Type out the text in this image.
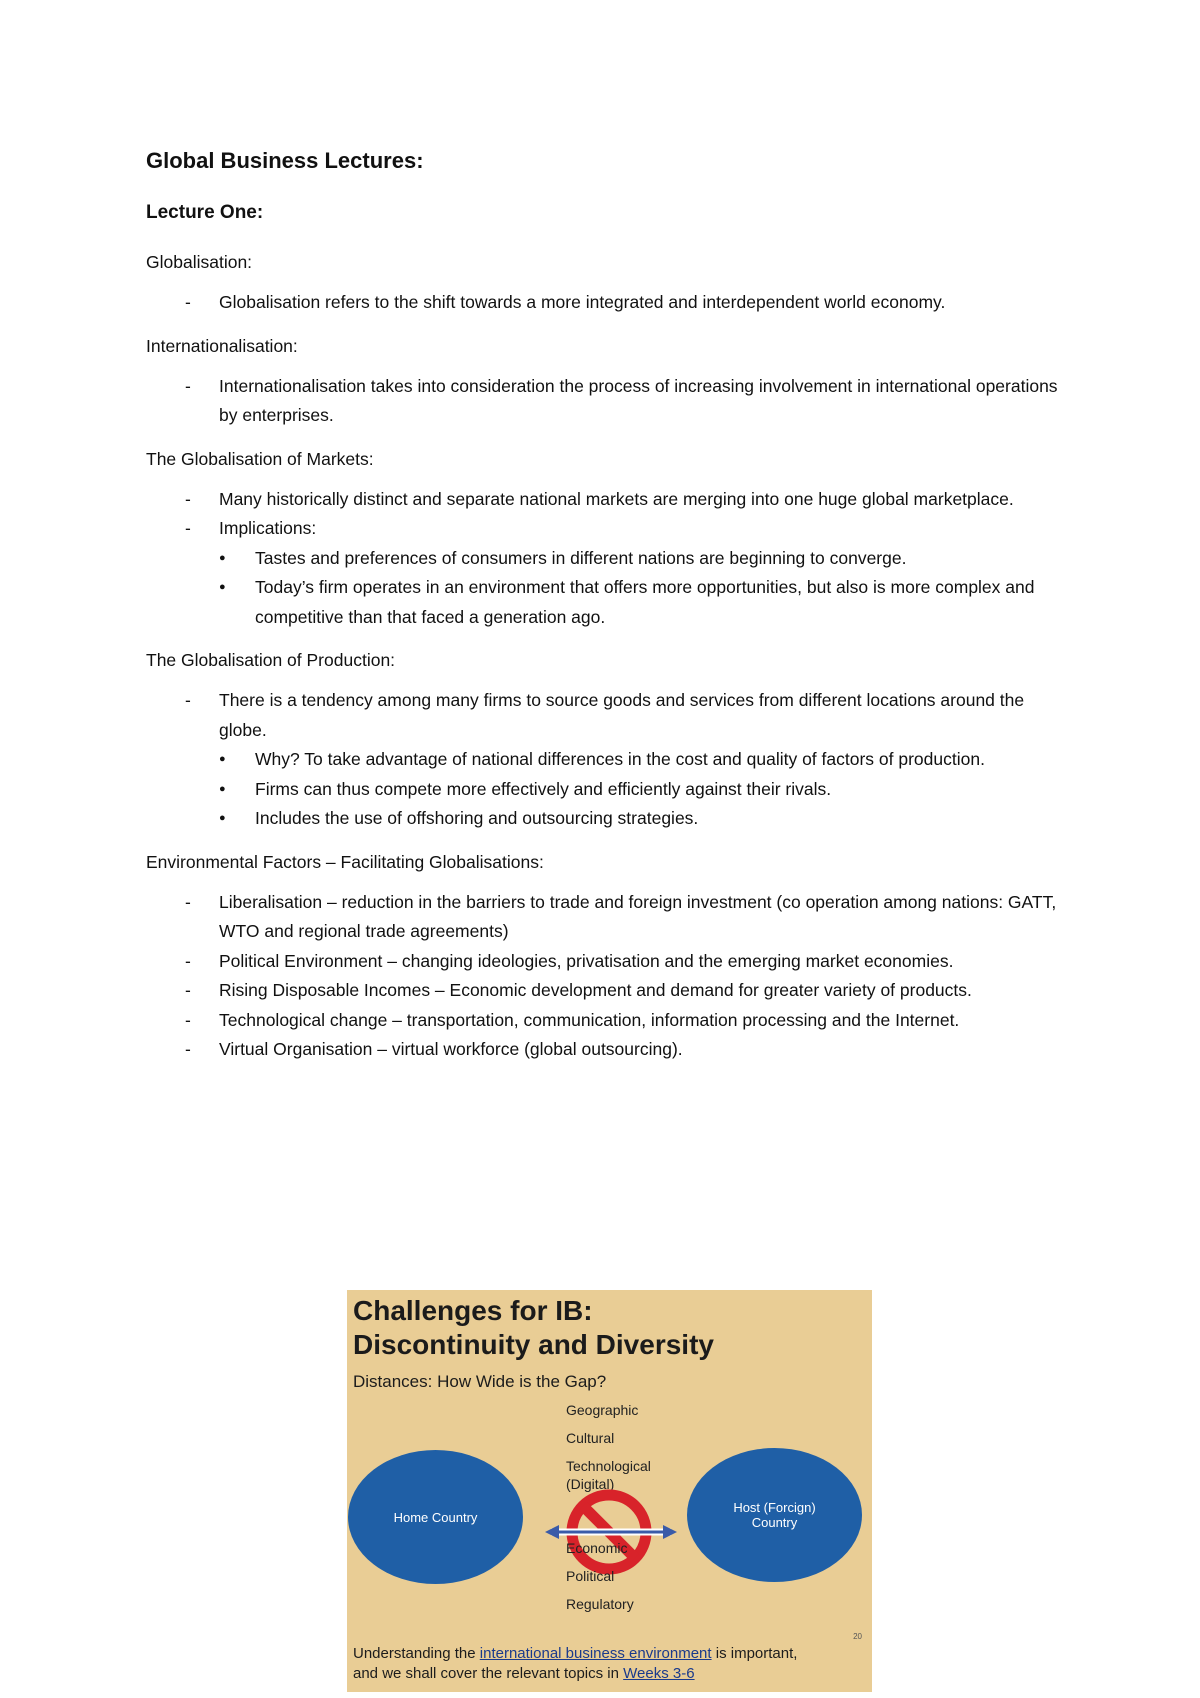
Global Business Lectures:
Lecture One:
Globalisation:
- Globalisation refers to the shift towards a more integrated and interdependent world economy.
Internationalisation:
- Internationalisation takes into consideration the process of increasing involvement in international operations by enterprises.
The Globalisation of Markets:
- Many historically distinct and separate national markets are merging into one huge global marketplace.
- Implications:
● Tastes and preferences of consumers in different nations are beginning to converge.
● Today’s firm operates in an environment that offers more opportunities, but also is more complex and competitive than that faced a generation ago.
The Globalisation of Production:
- There is a tendency among many firms to source goods and services from different locations around the globe.
● Why? To take advantage of national differences in the cost and quality of factors of production.
● Firms can thus compete more effectively and efficiently against their rivals.
● Includes the use of offshoring and outsourcing strategies.
Environmental Factors – Facilitating Globalisations:
- Liberalisation – reduction in the barriers to trade and foreign investment (co operation among nations: GATT, WTO and regional trade agreements)
- Political Environment – changing ideologies, privatisation and the emerging market economies.
- Rising Disposable Incomes – Economic development and demand for greater variety of products.
- Technological change – transportation, communication, information processing and the Internet.
- Virtual Organisation – virtual workforce (global outsourcing).
Challenges for IB:
Discontinuity and Diversity
Distances: How Wide is the Gap?
Geographic
Cultural
Technological
(Digital)
Home Country
Host (Forcign)
Country
Economic
Political
Regulatory
20
Understanding the international business environment is important,
and we shall cover the relevant topics in Weeks 3-6
